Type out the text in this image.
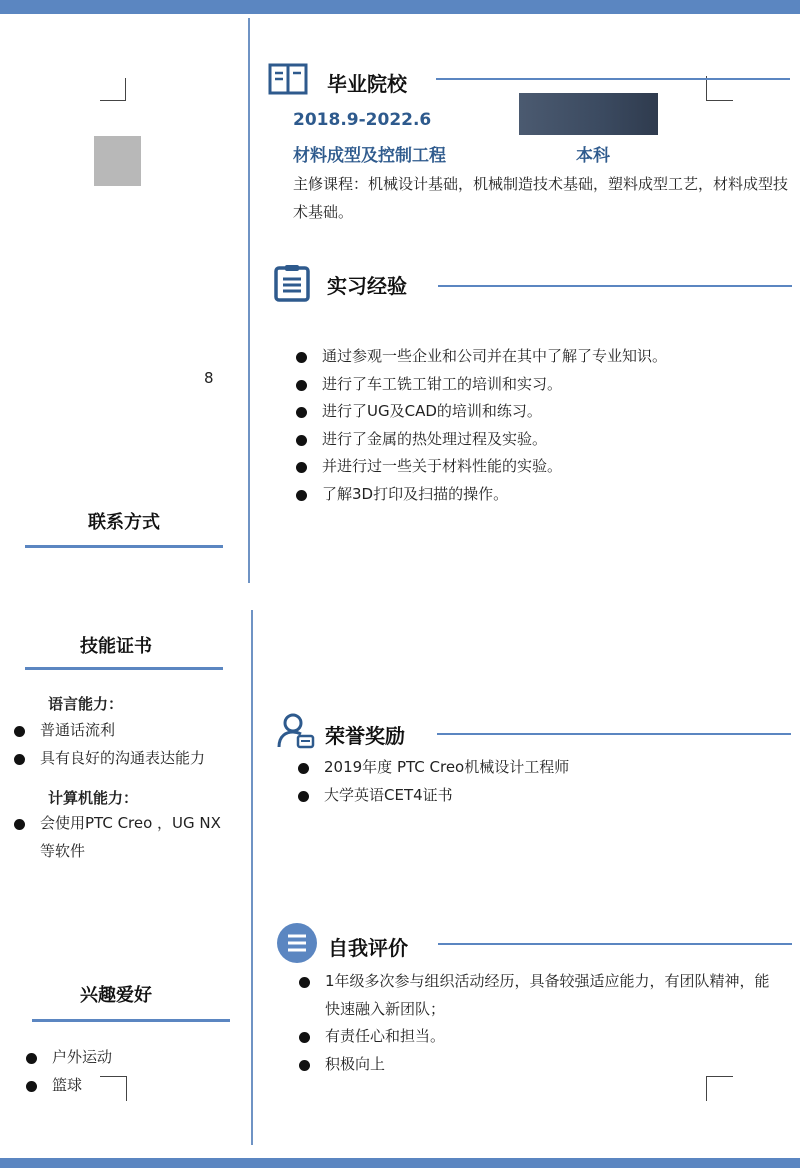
8
联系方式
技能证书
语言能力：
普通话流利
具有良好的沟通表达能力
计算机能力：
会使用PTC Creo ，UG NX 等软件
兴趣爱好
户外运动
篮球
毕业院校
2018.9-2022.6
材料成型及控制工程	本科
主修课程：机械设计基础，机械制造技术基础，塑料成型工艺，材料成型技术基础。
实习经验
通过参观一些企业和公司并在其中了解了专业知识。
进行了车工铣工钳工的培训和实习。
进行了UG及CAD的培训和练习。
进行了金属的热处理过程及实验。
并进行过一些关于材料性能的实验。
了解3D打印及扫描的操作。
荣誉奖励
2019年度 PTC Creo机械设计工程师
大学英语CET4证书
自我评价
1年级多次参与组织活动经历，具备较强适应能力，有团队精神，能快速融入新团队；
有责任心和担当。
积极向上
